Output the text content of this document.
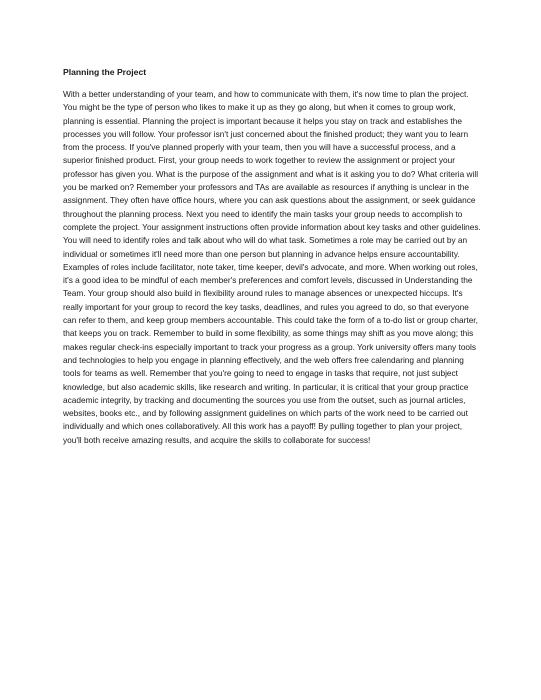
Planning the Project

With a better understanding of your team, and how to communicate with them, it's now time to plan the project. You might be the type of person who likes to make it up as they go along, but when it comes to group work, planning is essential. Planning the project is important because it helps you stay on track and establishes the processes you will follow. Your professor isn't just concerned about the finished product; they want you to learn from the process. If you've planned properly with your team, then you will have a successful process, and a superior finished product. First, your group needs to work together to review the assignment or project your professor has given you. What is the purpose of the assignment and what is it asking you to do? What criteria will you be marked on? Remember your professors and TAs are available as resources if anything is unclear in the assignment. They often have office hours, where you can ask questions about the assignment, or seek guidance throughout the planning process. Next you need to identify the main tasks your group needs to accomplish to complete the project. Your assignment instructions often provide information about key tasks and other guidelines. You will need to identify roles and talk about who will do what task. Sometimes a role may be carried out by an individual or sometimes it'll need more than one person but planning in advance helps ensure accountability. Examples of roles include facilitator, note taker, time keeper, devil's advocate, and more. When working out roles, it's a good idea to be mindful of each member's preferences and comfort levels, discussed in Understanding the Team. Your group should also build in flexibility around rules to manage absences or unexpected hiccups. It's really important for your group to record the key tasks, deadlines, and rules you agreed to do, so that everyone can refer to them, and keep group members accountable. This could take the form of a to-do list or group charter, that keeps you on track. Remember to build in some flexibility, as some things may shift as you move along; this makes regular check-ins especially important to track your progress as a group. York university offers many tools and technologies to help you engage in planning effectively, and the web offers free calendaring and planning tools for teams as well. Remember that you're going to need to engage in tasks that require, not just subject knowledge, but also academic skills, like research and writing. In particular, it is critical that your group practice academic integrity, by tracking and documenting the sources you use from the outset, such as journal articles, websites, books etc., and by following assignment guidelines on which parts of the work need to be carried out individually and which ones collaboratively. All this work has a payoff! By pulling together to plan your project, you'll both receive amazing results, and acquire the skills to collaborate for success!
